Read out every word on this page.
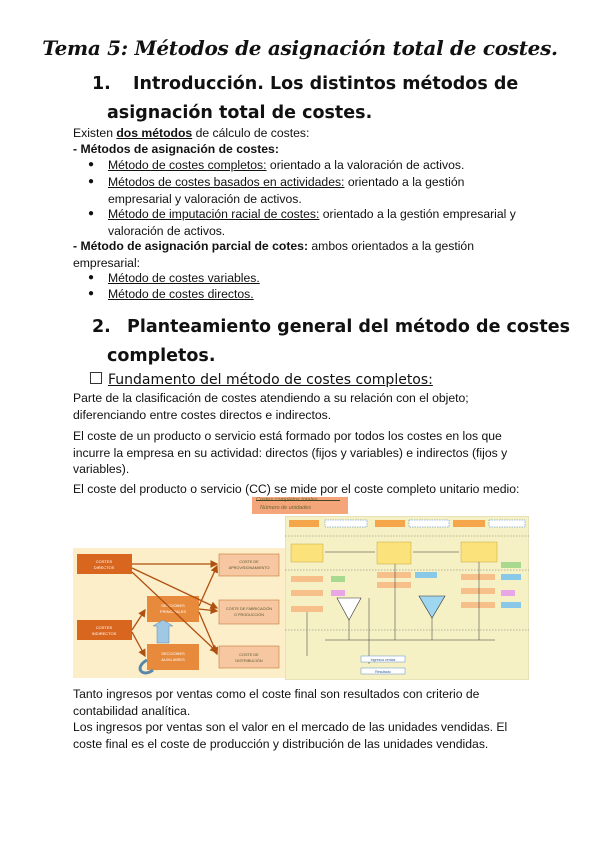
Tema 5: Métodos de asignación total de costes.
1. Introducción. Los distintos métodos de
asignación total de costes.
Existen dos métodos de cálculo de costes:
- Métodos de asignación de costes:
● Método de costes completos: orientado a la valoración de activos.
● Métodos de costes basados en actividades: orientado a la gestión
empresarial y valoración de activos.
● Método de imputación racial de costes: orientado a la gestión empresarial y
valoración de activos.
- Método de asignación parcial de cotes: ambos orientados a la gestión
empresarial:
● Método de costes variables.
● Método de costes directos.
2. Planteamiento general del método de costes
completos.
Fundamento del método de costes completos:
Parte de la clasificación de costes atendiendo a su relación con el objeto;
diferenciando entre costes directos e indirectos.
El coste de un producto o servicio está formado por todos los costes en los que
incurre la empresa en su actividad: directos (fijos y variables) e indirectos (fijos y
variables).
El coste del producto o servicio (CC) se mide por el coste completo unitario medio:
Costes completos totales
Número de unidades
COSTES
DIRECTOS
COSTES
INDIRECTOS
SECCIONES
PRINCIPALES
SECCIONES
AUXILIARES
COSTE DE
APROVISIONAMIENTO
COSTE DE FABRICACIÓN
O PRODUCCIÓN
COSTE DE
DISTRIBUCIÓN	Ingresos ventas
Resultado
Tanto ingresos por ventas como el coste final son resultados con criterio de
contabilidad analítica.
Los ingresos por ventas son el valor en el mercado de las unidades vendidas. El
coste final es el coste de producción y distribución de las unidades vendidas.
